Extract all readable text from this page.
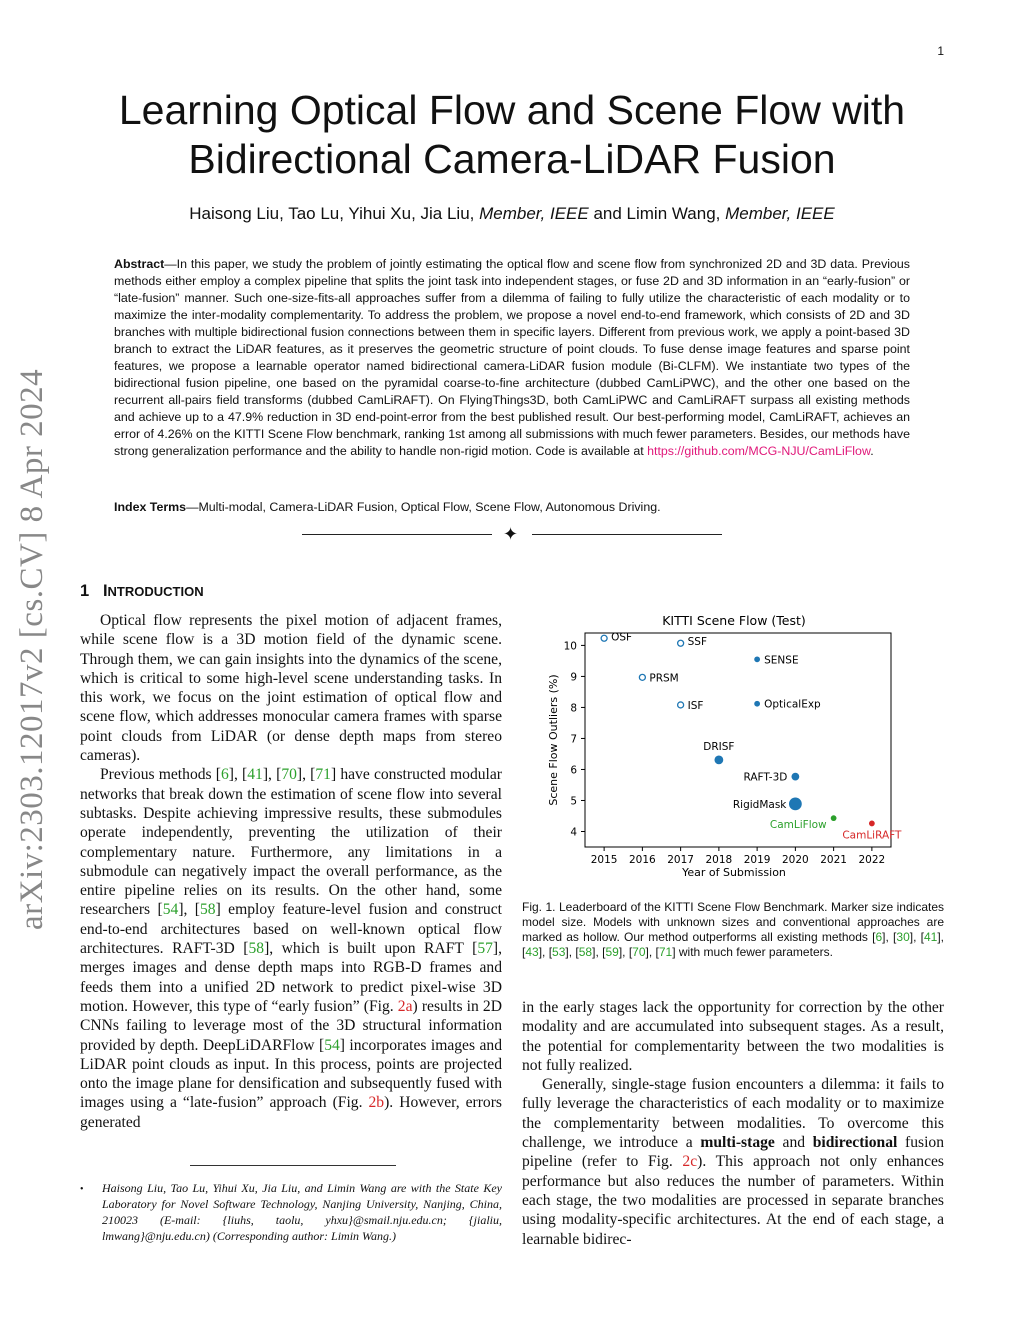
1
arXiv:2303.12017v2 [cs.CV] 8 Apr 2024
Learning Optical Flow and Scene Flow with
Bidirectional Camera-LiDAR Fusion
Haisong Liu, Tao Lu, Yihui Xu, Jia Liu, Member, IEEE and Limin Wang, Member, IEEE
Abstract—In this paper, we study the problem of jointly estimating the optical flow and scene flow from synchronized 2D and 3D data. Previous methods either employ a complex pipeline that splits the joint task into independent stages, or fuse 2D and 3D information in an “early-fusion” or “late-fusion” manner. Such one-size-fits-all approaches suffer from a dilemma of failing to fully utilize the characteristic of each modality or to maximize the inter-modality complementarity. To address the problem, we propose a novel end-to-end framework, which consists of 2D and 3D branches with multiple bidirectional fusion connections between them in specific layers. Different from previous work, we apply a point-based 3D branch to extract the LiDAR features, as it preserves the geometric structure of point clouds. To fuse dense image features and sparse point features, we propose a learnable operator named bidirectional camera-LiDAR fusion module (Bi-CLFM). We instantiate two types of the bidirectional fusion pipeline, one based on the pyramidal coarse-to-fine architecture (dubbed CamLiPWC), and the other one based on the recurrent all-pairs field transforms (dubbed CamLiRAFT). On FlyingThings3D, both CamLiPWC and CamLiRAFT surpass all existing methods and achieve up to a 47.9% reduction in 3D end-point-error from the best published result. Our best-performing model, CamLiRAFT, achieves an error of 4.26% on the KITTI Scene Flow benchmark, ranking 1st among all submissions with much fewer parameters. Besides, our methods have strong generalization performance and the ability to handle non-rigid motion. Code is available at https://github.com/MCG-NJU/CamLiFlow.
Index Terms—Multi-modal, Camera-LiDAR Fusion, Optical Flow, Scene Flow, Autonomous Driving.
✦
1 INTRODUCTION

Optical flow represents the pixel motion of adjacent frames, while scene flow is a 3D motion field of the dynamic scene. Through them, we can gain insights into the dynamics of the scene, which is critical to some high-level scene understanding tasks. In this work, we focus on the joint estimation of optical flow and scene flow, which addresses monocular camera frames with sparse point clouds from LiDAR (or dense depth maps from stereo cameras).

Previous methods [6], [41], [70], [71] have constructed modular networks that break down the estimation of scene flow into several subtasks. Despite achieving impressive results, these submodules operate independently, preventing the utilization of their complementary nature. Furthermore, any limitations in a submodule can negatively impact the overall performance, as the entire pipeline relies on its results. On the other hand, some researchers [54], [58] employ feature-level fusion and construct end-to-end architectures based on well-known optical flow architectures. RAFT-3D [58], which is built upon RAFT [57], merges images and dense depth maps into RGB-D frames and feeds them into a unified 2D network to predict pixel-wise 3D motion. However, this type of “early fusion” (Fig. 2a) results in 2D CNNs failing to leverage most of the 3D structural information provided by depth. DeepLiDARFlow [54] incorporates images and LiDAR point clouds as input. In this process, points are projected onto the image plane for densification and subsequently fused with images using a “late-fusion” approach (Fig. 2b). However, errors generated

• Haisong Liu, Tao Lu, Yihui Xu, Jia Liu, and Limin Wang are with the State Key Laboratory for Novel Software Technology, Nanjing University, Nanjing, China, 210023 (E-mail: {liuhs, taolu, yhxu}@smail.nju.edu.cn; {jialiu, lmwang}@nju.edu.cn) (Corresponding author: Limin Wang.)
KITTI Scene Flow (Test)
2015 2016 2017 2018 2019 2020 2021 2022
4
5
6
7
8
9
10
Year of Submission
Scene Flow Outliers (%)
OSF	SSF
SENSE
PRSM
ISF	OpticalExp
DRISF
RAFT-3D
RigidMask
CamLiFlow
CamLiRAFT
Fig. 1. Leaderboard of the KITTI Scene Flow Benchmark. Marker size indicates model size. Models with unknown sizes and conventional approaches are marked as hollow. Our method outperforms all existing methods [6], [30], [41], [43], [53], [58], [59], [70], [71] with much fewer parameters.

in the early stages lack the opportunity for correction by the other modality and are accumulated into subsequent stages. As a result, the potential for complementarity between the two modalities is not fully realized.

Generally, single-stage fusion encounters a dilemma: it fails to fully leverage the characteristics of each modality or to maximize the complementarity between modalities. To overcome this challenge, we introduce a multi-stage and bidirectional fusion pipeline (refer to Fig. 2c). This approach not only enhances performance but also reduces the number of parameters. Within each stage, the two modalities are processed in separate branches using modality-specific architectures. At the end of each stage, a learnable bidirec-
